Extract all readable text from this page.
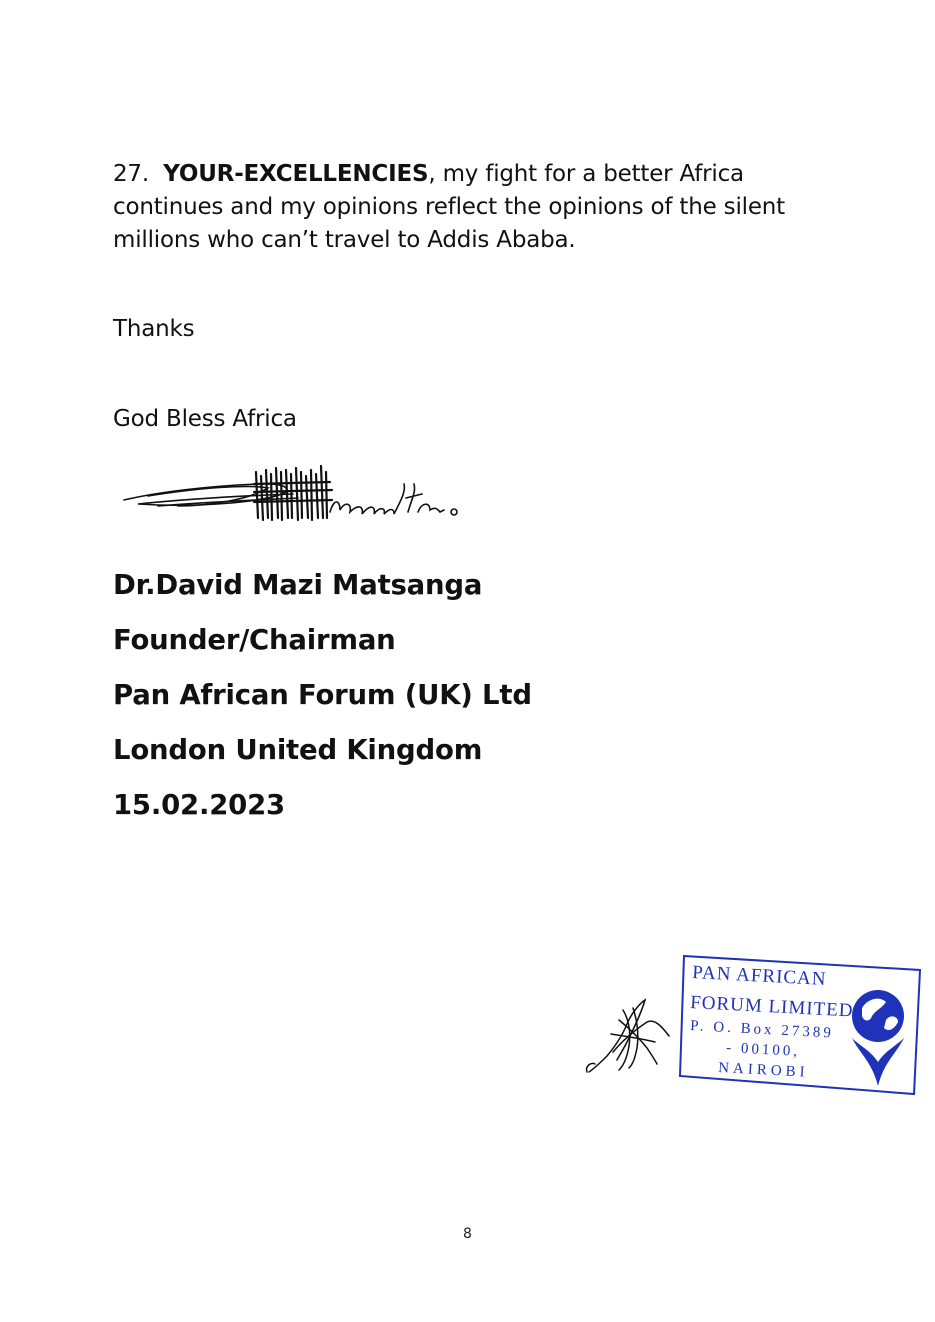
27. YOUR-EXCELLENCIES, my fight for a better Africa continues and my opinions reflect the opinions of the silent millions who can’t travel to Addis Ababa.
Thanks
God Bless Africa
Dr.David Mazi Matsanga
Founder/Chairman
Pan African Forum (UK) Ltd
London United Kingdom
15.02.2023
PAN AFRICAN
FORUM LIMITED
P. O. Box 27389
- 00100,
NAIROBI
8
